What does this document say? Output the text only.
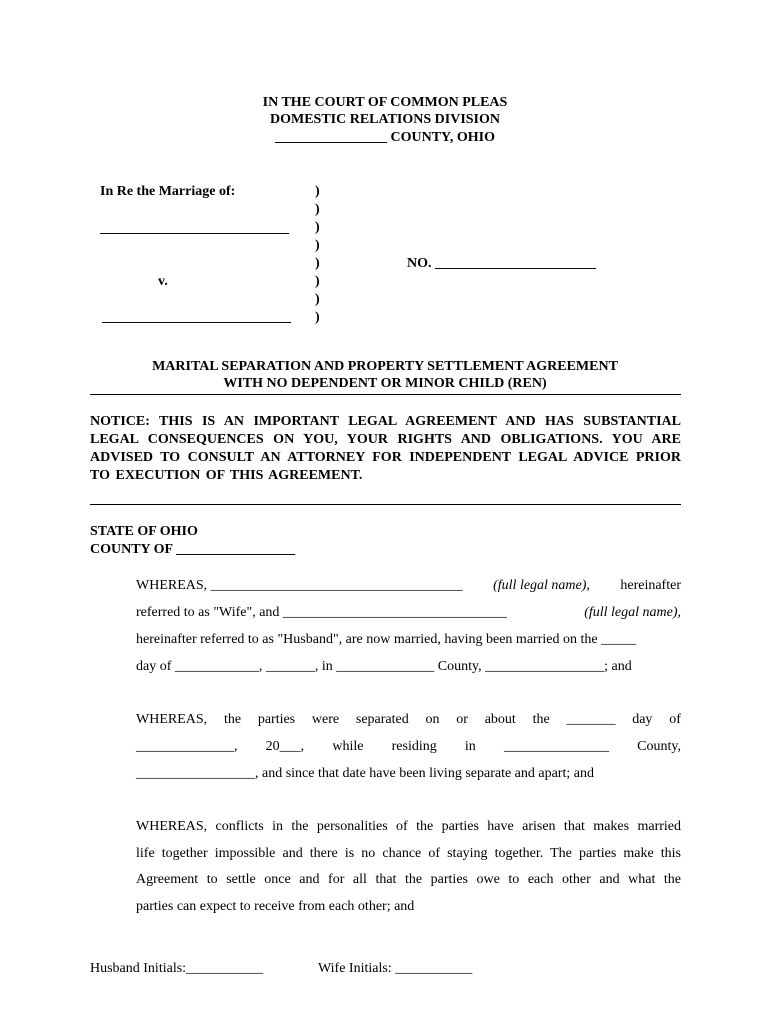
IN THE COURT OF COMMON PLEAS
DOMESTIC RELATIONS DIVISION
________________ COUNTY, OHIO
In Re the Marriage of:
___________________________
v.
___________________________
)
)
)
)
)
)
)
)
NO. _______________________
MARITAL SEPARATION AND PROPERTY SETTLEMENT AGREEMENT
WITH NO DEPENDENT OR MINOR CHILD (REN)
NOTICE: THIS IS AN IMPORTANT LEGAL AGREEMENT AND HAS SUBSTANTIAL LEGAL CONSEQUENCES ON YOU, YOUR RIGHTS AND OBLIGATIONS. YOU ARE ADVISED TO CONSULT AN ATTORNEY FOR INDEPENDENT LEGAL ADVICE PRIOR TO EXECUTION OF THIS AGREEMENT.
STATE OF OHIO
COUNTY OF _________________
WHEREAS, ____________________________________ (full legal name), hereinafter
referred to as "Wife", and ________________________________	(full legal name),
hereinafter referred to as "Husband", are now married, having been married on the _____
day of ____________, _______, in ______________ County, _________________; and
WHEREAS, the parties were separated on or about the _______ day of
______________, 20___, while residing in _______________ County,
_________________, and since that date have been living separate and apart; and
WHEREAS, conflicts in the personalities of the parties have arisen that makes married
life together impossible and there is no chance of staying together. The parties make this
Agreement to settle once and for all that the parties owe to each other and what the
parties can expect to receive from each other; and
Husband Initials:___________	Wife Initials: ___________
